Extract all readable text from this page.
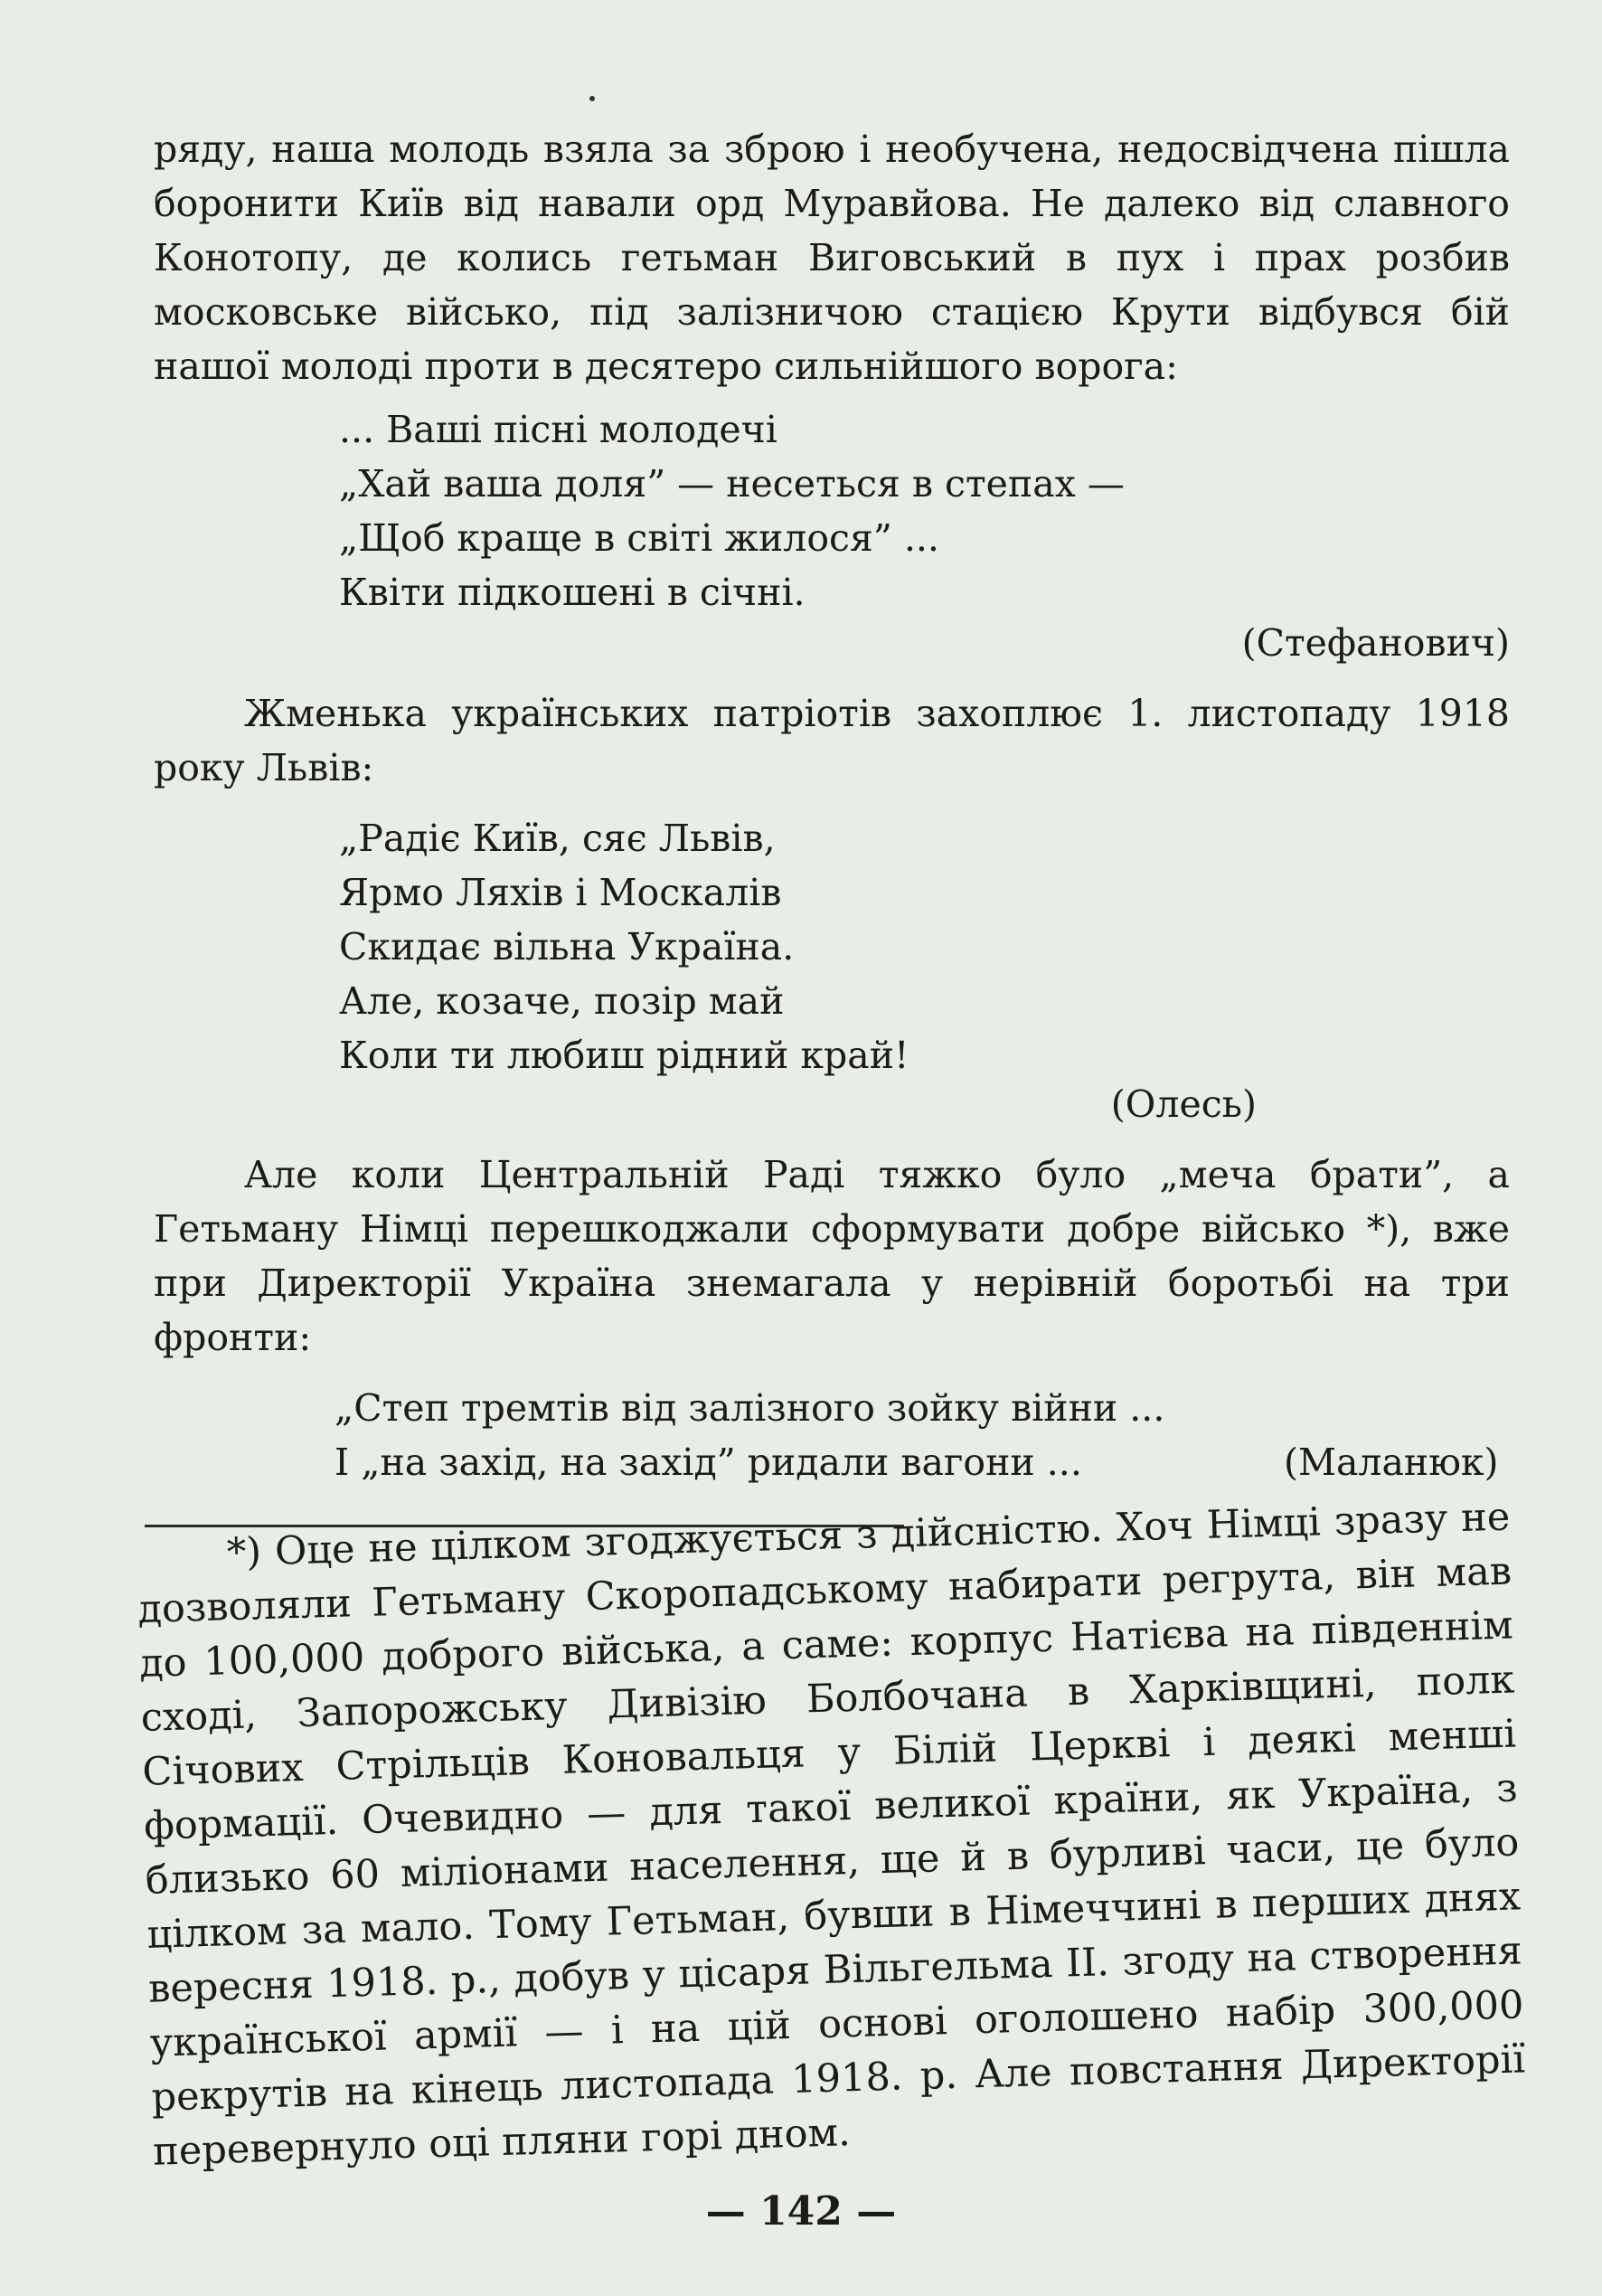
ряду, наша молодь взяла за зброю і необучена, недосвідчена пішла боронити Київ від навали орд Муравйова. Не далеко від славного Конотопу, де колись гетьман Виговський в пух і прах розбив московське військо, під залізничою стацією Крути відбувся бій нашої молоді проти в десятеро сильнійшого ворога:

... Ваші пісні молодечі
„Хай ваша доля” — несеться в степах —
„Щоб краще в світі жилося” ...
Квіти підкошені в січні.
(Стефанович)

Жменька українських патріотів захоплює 1. листопаду 1918 року Львів:

„Радіє Київ, сяє Львів,
Ярмо Ляхів і Москалів
Скидає вільна Україна.
Але, козаче, позір май
Коли ти любиш рідний край!
(Олесь)

Але коли Центральній Раді тяжко було „меча брати”, а Гетьману Німці перешкоджали сформувати добре військо *), вже при Директорії Україна знемагала у нерівній боротьбі на три фронти:

„Степ тремтів від залізного зойку війни ...
І „на захід, на захід” ридали вагони ...	(Маланюк)

*) Оце не цілком згоджується з дійсністю. Хоч Німці зразу не дозволяли Гетьману Скоропадському набирати регрута, він мав до 100,000 доброго війська, а саме: корпус Натієва на південнім сході, Запорожську Дивізію Болбочана в Харківщині, полк Січових Стрільців Коновальця у Білій Церкві і деякі менші формації. Очевидно — для такої великої країни, як Україна, з близько 60 міліонами населення, ще й в бурливі часи, це було цілком за мало. Тому Гетьман, бувши в Німеччині в перших днях вересня 1918. р., добув у цісаря Вільгельма II. згоду на створення української армії — і на цій основі оголошено набір 300,000 рекрутів на кінець листопада 1918. р. Але повстання Директорії перевернуло оці пляни горі дном.

— 142 —
